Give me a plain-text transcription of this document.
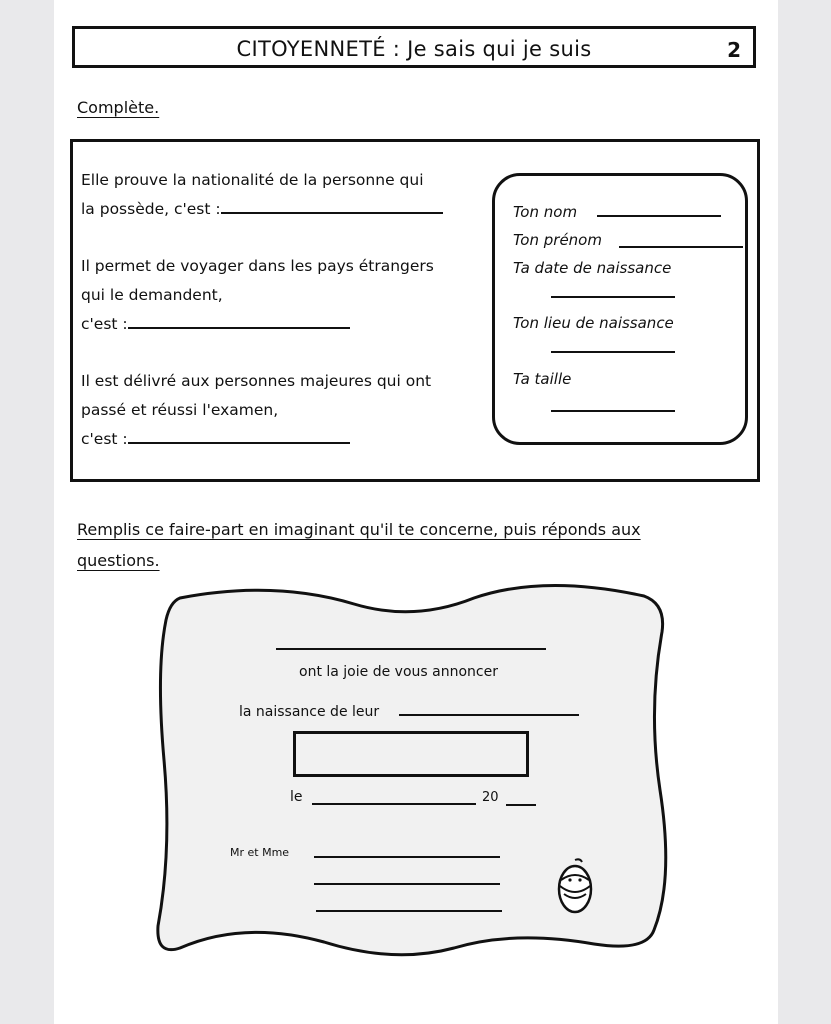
CITOYENNETÉ : Je sais qui je suis	2
Complète.
Elle prouve la nationalité de la personne qui
la possède, c'est :
Il permet de voyager dans les pays étrangers
qui le demandent,
c'est :
Il est délivré aux personnes majeures qui ont
passé et réussi l'examen,
c'est :
Ton nom
Ton prénom
Ta date de naissance
Ton lieu de naissance
Ta taille
Remplis ce faire-part en imaginant qu'il te concerne, puis réponds aux
questions.
ont la joie de vous annoncer
la naissance de leur
le	20
Mr et Mme
